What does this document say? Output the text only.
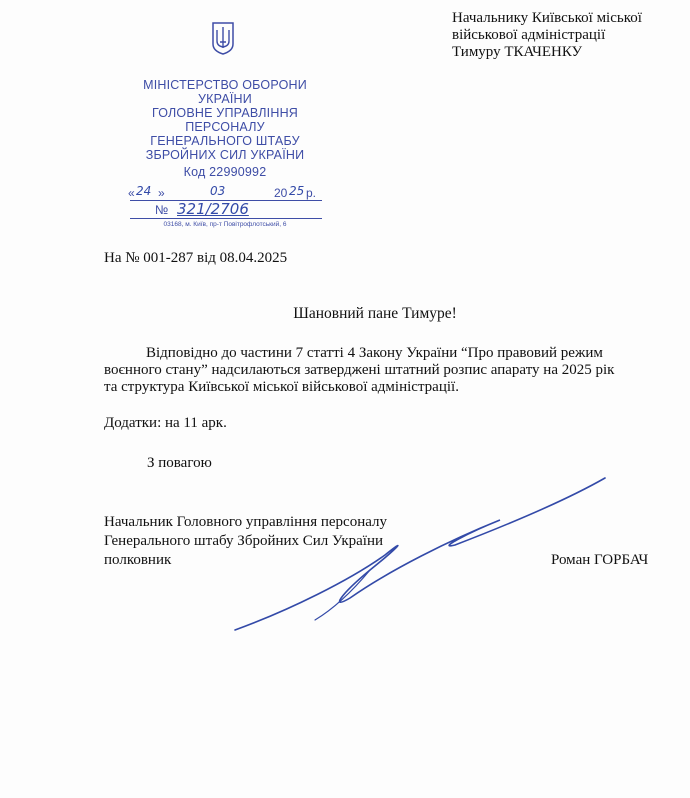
МІНІСТЕРСТВО ОБОРОНИ
УКРАЇНИ
ГОЛОВНЕ УПРАВЛІННЯ
ПЕРСОНАЛУ
ГЕНЕРАЛЬНОГО ШТАБУ
ЗБРОЙНИХ СИЛ УКРАЇНИ
Код 22990992
« 24 »	03	20 25 р.
№ 321/2706
03168, м. Київ, пр-т Повітрофлотський, 6
Начальнику Київської міської
військової адміністрації
Тимуру ТКАЧЕНКУ
На № 001-287 від 08.04.2025
Шановний пане Тимуре!
Відповідно до частини 7 статті 4 Закону України “Про правовий режим
воєнного стану” надсилаються затверджені штатний розпис апарату на 2025 рік
та структура Київської міської військової адміністрації.
Додатки: на 11 арк.
З повагою
Начальник Головного управління персоналу
Генерального штабу Збройних Сил України
полковник	Роман ГОРБАЧ
